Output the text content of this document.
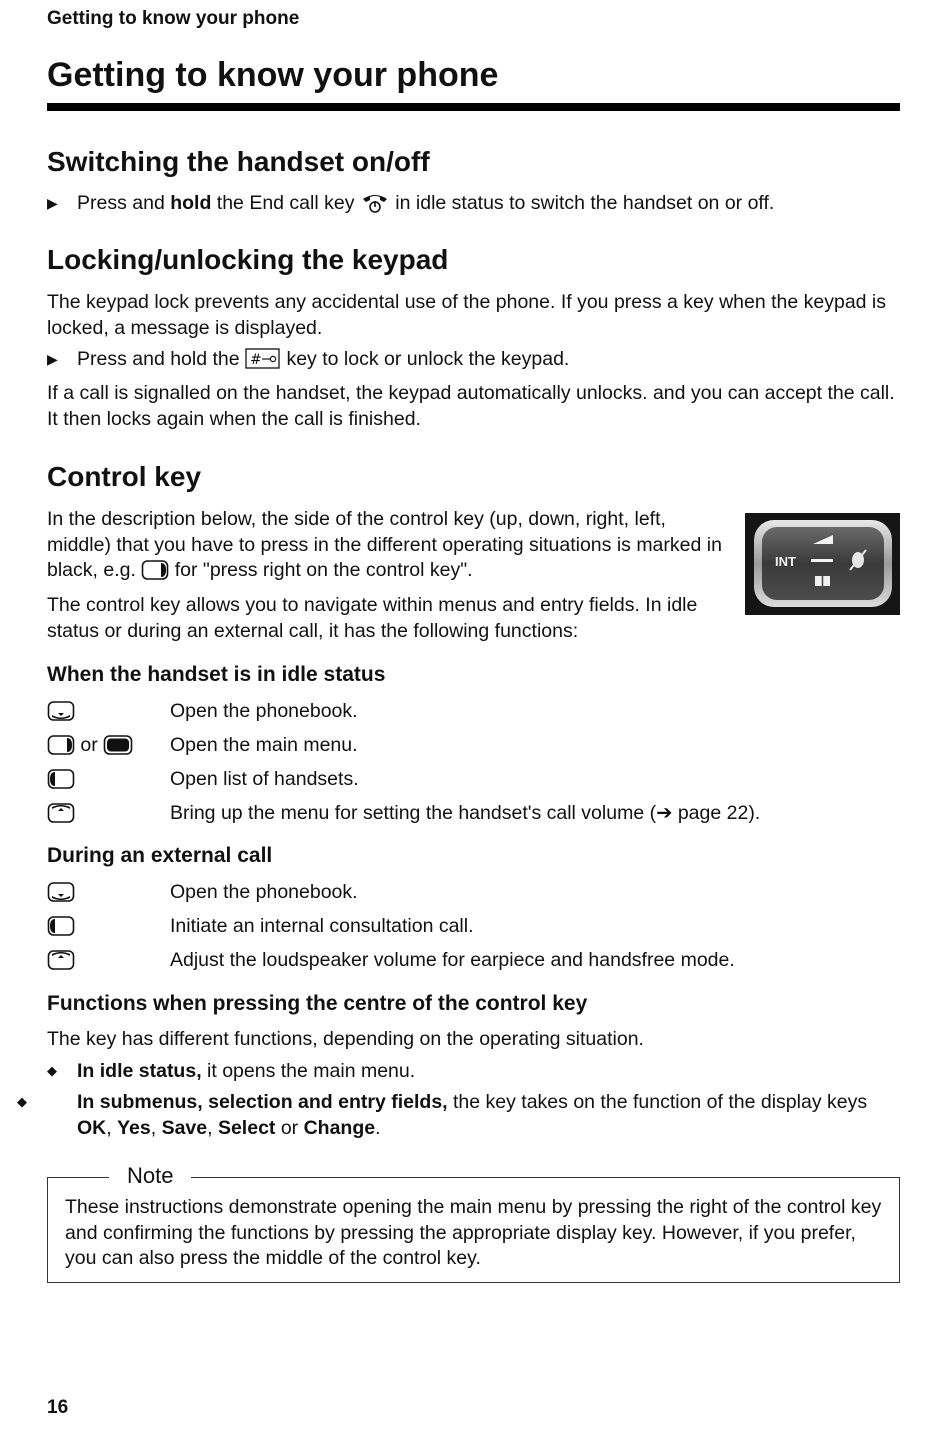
Getting to know your phone
Getting to know your phone
Switching the handset on/off

▶ Press and hold the End call key  in idle status to switch the handset on or off.

Locking/unlocking the keypad

The keypad lock prevents any accidental use of the phone. If you press a key when the keypad is locked, a message is displayed.

▶ Press and hold the # key to lock or unlock the keypad.

If a call is signalled on the handset, the keypad automatically unlocks. and you can accept the call. It then locks again when the call is finished.

Control key

In the description below, the side of the control key (up, down, right, left, middle) that you have to press in the different operating situations is marked in black, e.g.  for "press right on the control key".

The control key allows you to navigate within menus and entry fields. In idle status or during an external call, it has the following functions:

INT
When the handset is in idle status
Open the phonebook.
or	Open the main menu.
Open list of handsets.
Bring up the menu for setting the handset's call volume (➔ page 22).
During an external call
Open the phonebook.
Initiate an internal consultation call.
Adjust the loudspeaker volume for earpiece and handsfree mode.
Functions when pressing the centre of the control key

The key has different functions, depending on the operating situation.

◆ In idle status, it opens the main menu.

◆	In submenus, selection and entry fields, the key takes on the function of the display keys OK, Yes, Save, Select or Change.

Note
These instructions demonstrate opening the main menu by pressing the right of the control key and confirming the functions by pressing the appropriate display key. However, if you prefer, you can also press the middle of the control key.
16
